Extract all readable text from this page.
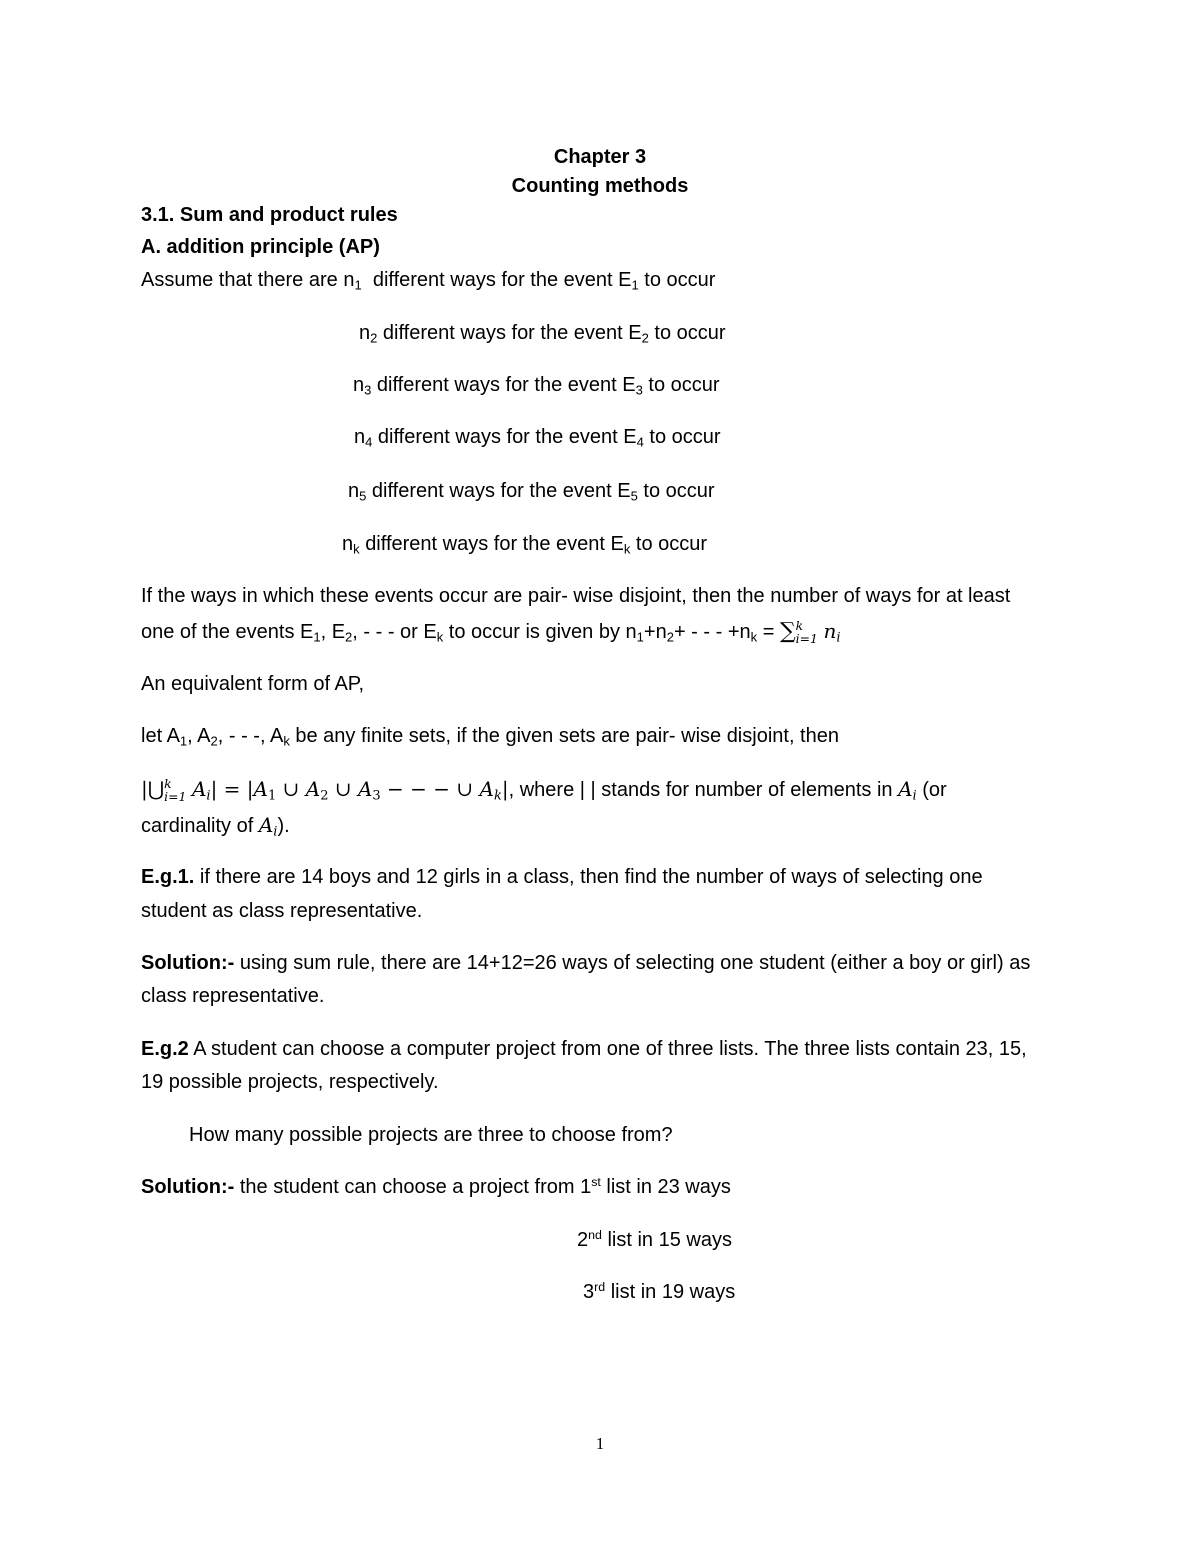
Chapter 3
Counting methods
3.1. Sum and product rules
A. addition principle (AP)
Assume that there are $n_1$ different ways for the event $E_1$ to occur
$n_2$ different ways for the event $E_2$ to occur
$n_3$ different ways for the event $E_3$ to occur
$n_4$ different ways for the event $E_4$ to occur
$n_5$ different ways for the event $E_5$ to occur
$n_k$ different ways for the event $E_k$ to occur
If the ways in which these events occur are pair- wise disjoint, then the number of ways for at least
one of the events $E_1$, $E_2$, - - - or $E_k$ to occur is given by $n_1+n_2+$ - - - $+n_k$ = ∑ k
i=1 $n_i$
An equivalent form of AP,
let $A_1$, $A_2$, - - -, $A_k$ be any finite sets, if the given sets are pair- wise disjoint, then
|⋃ k
i=1 $A_i| = |A_1$ ∪ $A_2$ ∪ $A_3$ − − − ∪ $A_k|$, where | | stands for number of elements in $A_i$ (or
cardinality of $A_i$).
E.g.1. if there are 14 boys and 12 girls in a class, then find the number of ways of selecting one
student as class representative.
Solution:- using sum rule, there are 14+12=26 ways of selecting one student (either a boy or girl) as
class representative.
E.g.2 A student can choose a computer project from one of three lists. The three lists contain 23, 15,
19 possible projects, respectively.
How many possible projects are three to choose from?
Solution:- the student can choose a project from 1st list in 23 ways
2nd list in 15 ways
3rd list in 19 ways
1
